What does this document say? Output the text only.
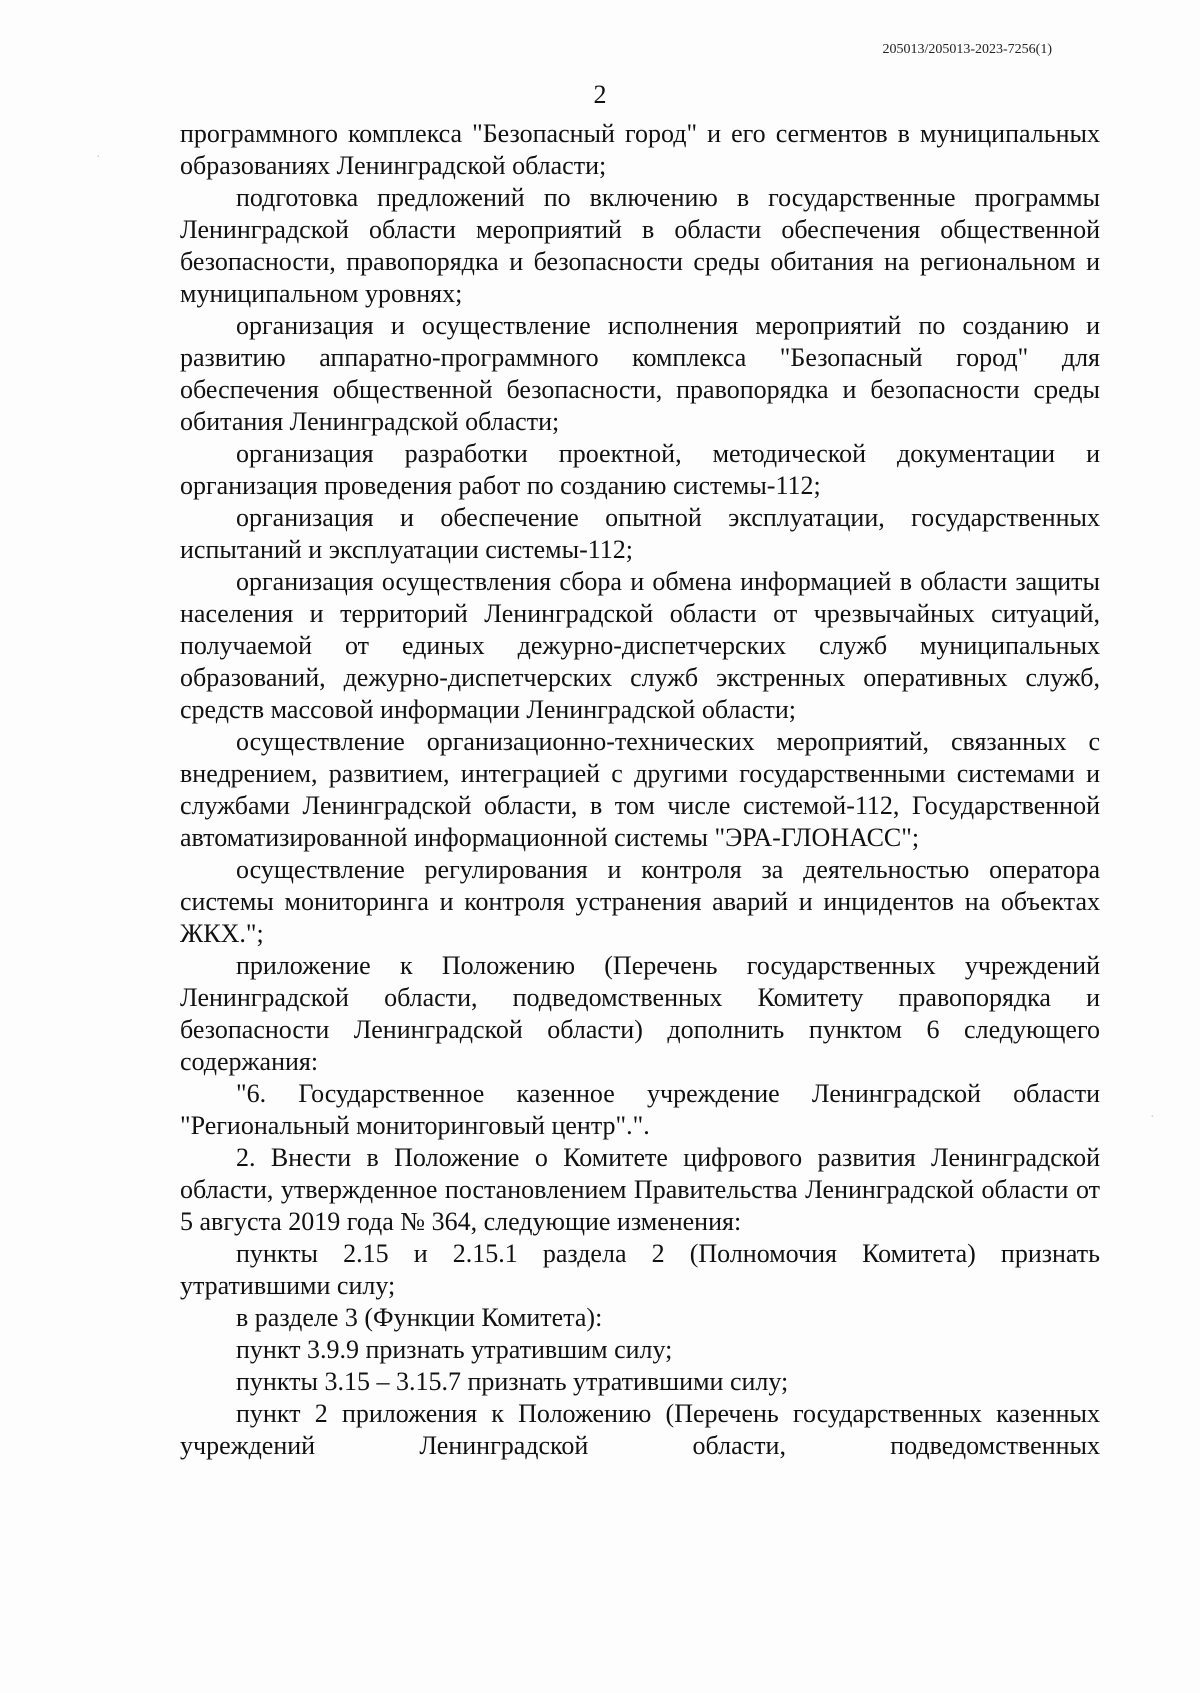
205013/205013-2023-7256(1)
2

программного комплекса "Безопасный город" и его сегментов в муниципальных образованиях Ленинградской области;

подготовка предложений по включению в государственные программы Ленинградской области мероприятий в области обеспечения общественной безопасности, правопорядка и безопасности среды обитания на региональном и муниципальном уровнях;

организация и осуществление исполнения мероприятий по созданию и развитию аппаратно-программного комплекса "Безопасный город" для обеспечения общественной безопасности, правопорядка и безопасности среды обитания Ленинградской области;

организация разработки проектной, методической документации и организация проведения работ по созданию системы-112;

организация и обеспечение опытной эксплуатации, государственных испытаний и эксплуатации системы-112;

организация осуществления сбора и обмена информацией в области защиты населения и территорий Ленинградской области от чрезвычайных ситуаций, получаемой от единых дежурно-диспетчерских служб муниципальных образований, дежурно-диспетчерских служб экстренных оперативных служб, средств массовой информации Ленинградской области;

осуществление организационно-технических мероприятий, связанных с внедрением, развитием, интеграцией с другими государственными системами и службами Ленинградской области, в том числе системой-112, Государственной автоматизированной информационной системы "ЭРА-ГЛОНАСС";

осуществление регулирования и контроля за деятельностью оператора системы мониторинга и контроля устранения аварий и инцидентов на объектах ЖКХ.";

приложение к Положению (Перечень государственных учреждений Ленинградской области, подведомственных Комитету правопорядка и безопасности Ленинградской области) дополнить пунктом 6 следующего содержания:

"6. Государственное казенное учреждение Ленинградской области "Региональный мониторинговый центр".".

2. Внести в Положение о Комитете цифрового развития Ленинградской области, утвержденное постановлением Правительства Ленинградской области от 5 августа 2019 года № 364, следующие изменения:

пункты 2.15 и 2.15.1 раздела 2 (Полномочия Комитета) признать утратившими силу;

в разделе 3 (Функции Комитета):

пункт 3.9.9 признать утратившим силу;

пункты 3.15 – 3.15.7 признать утратившими силу;

пункт 2 приложения к Положению (Перечень государственных казенных учреждений Ленинградской области, подведомственных

·
·
